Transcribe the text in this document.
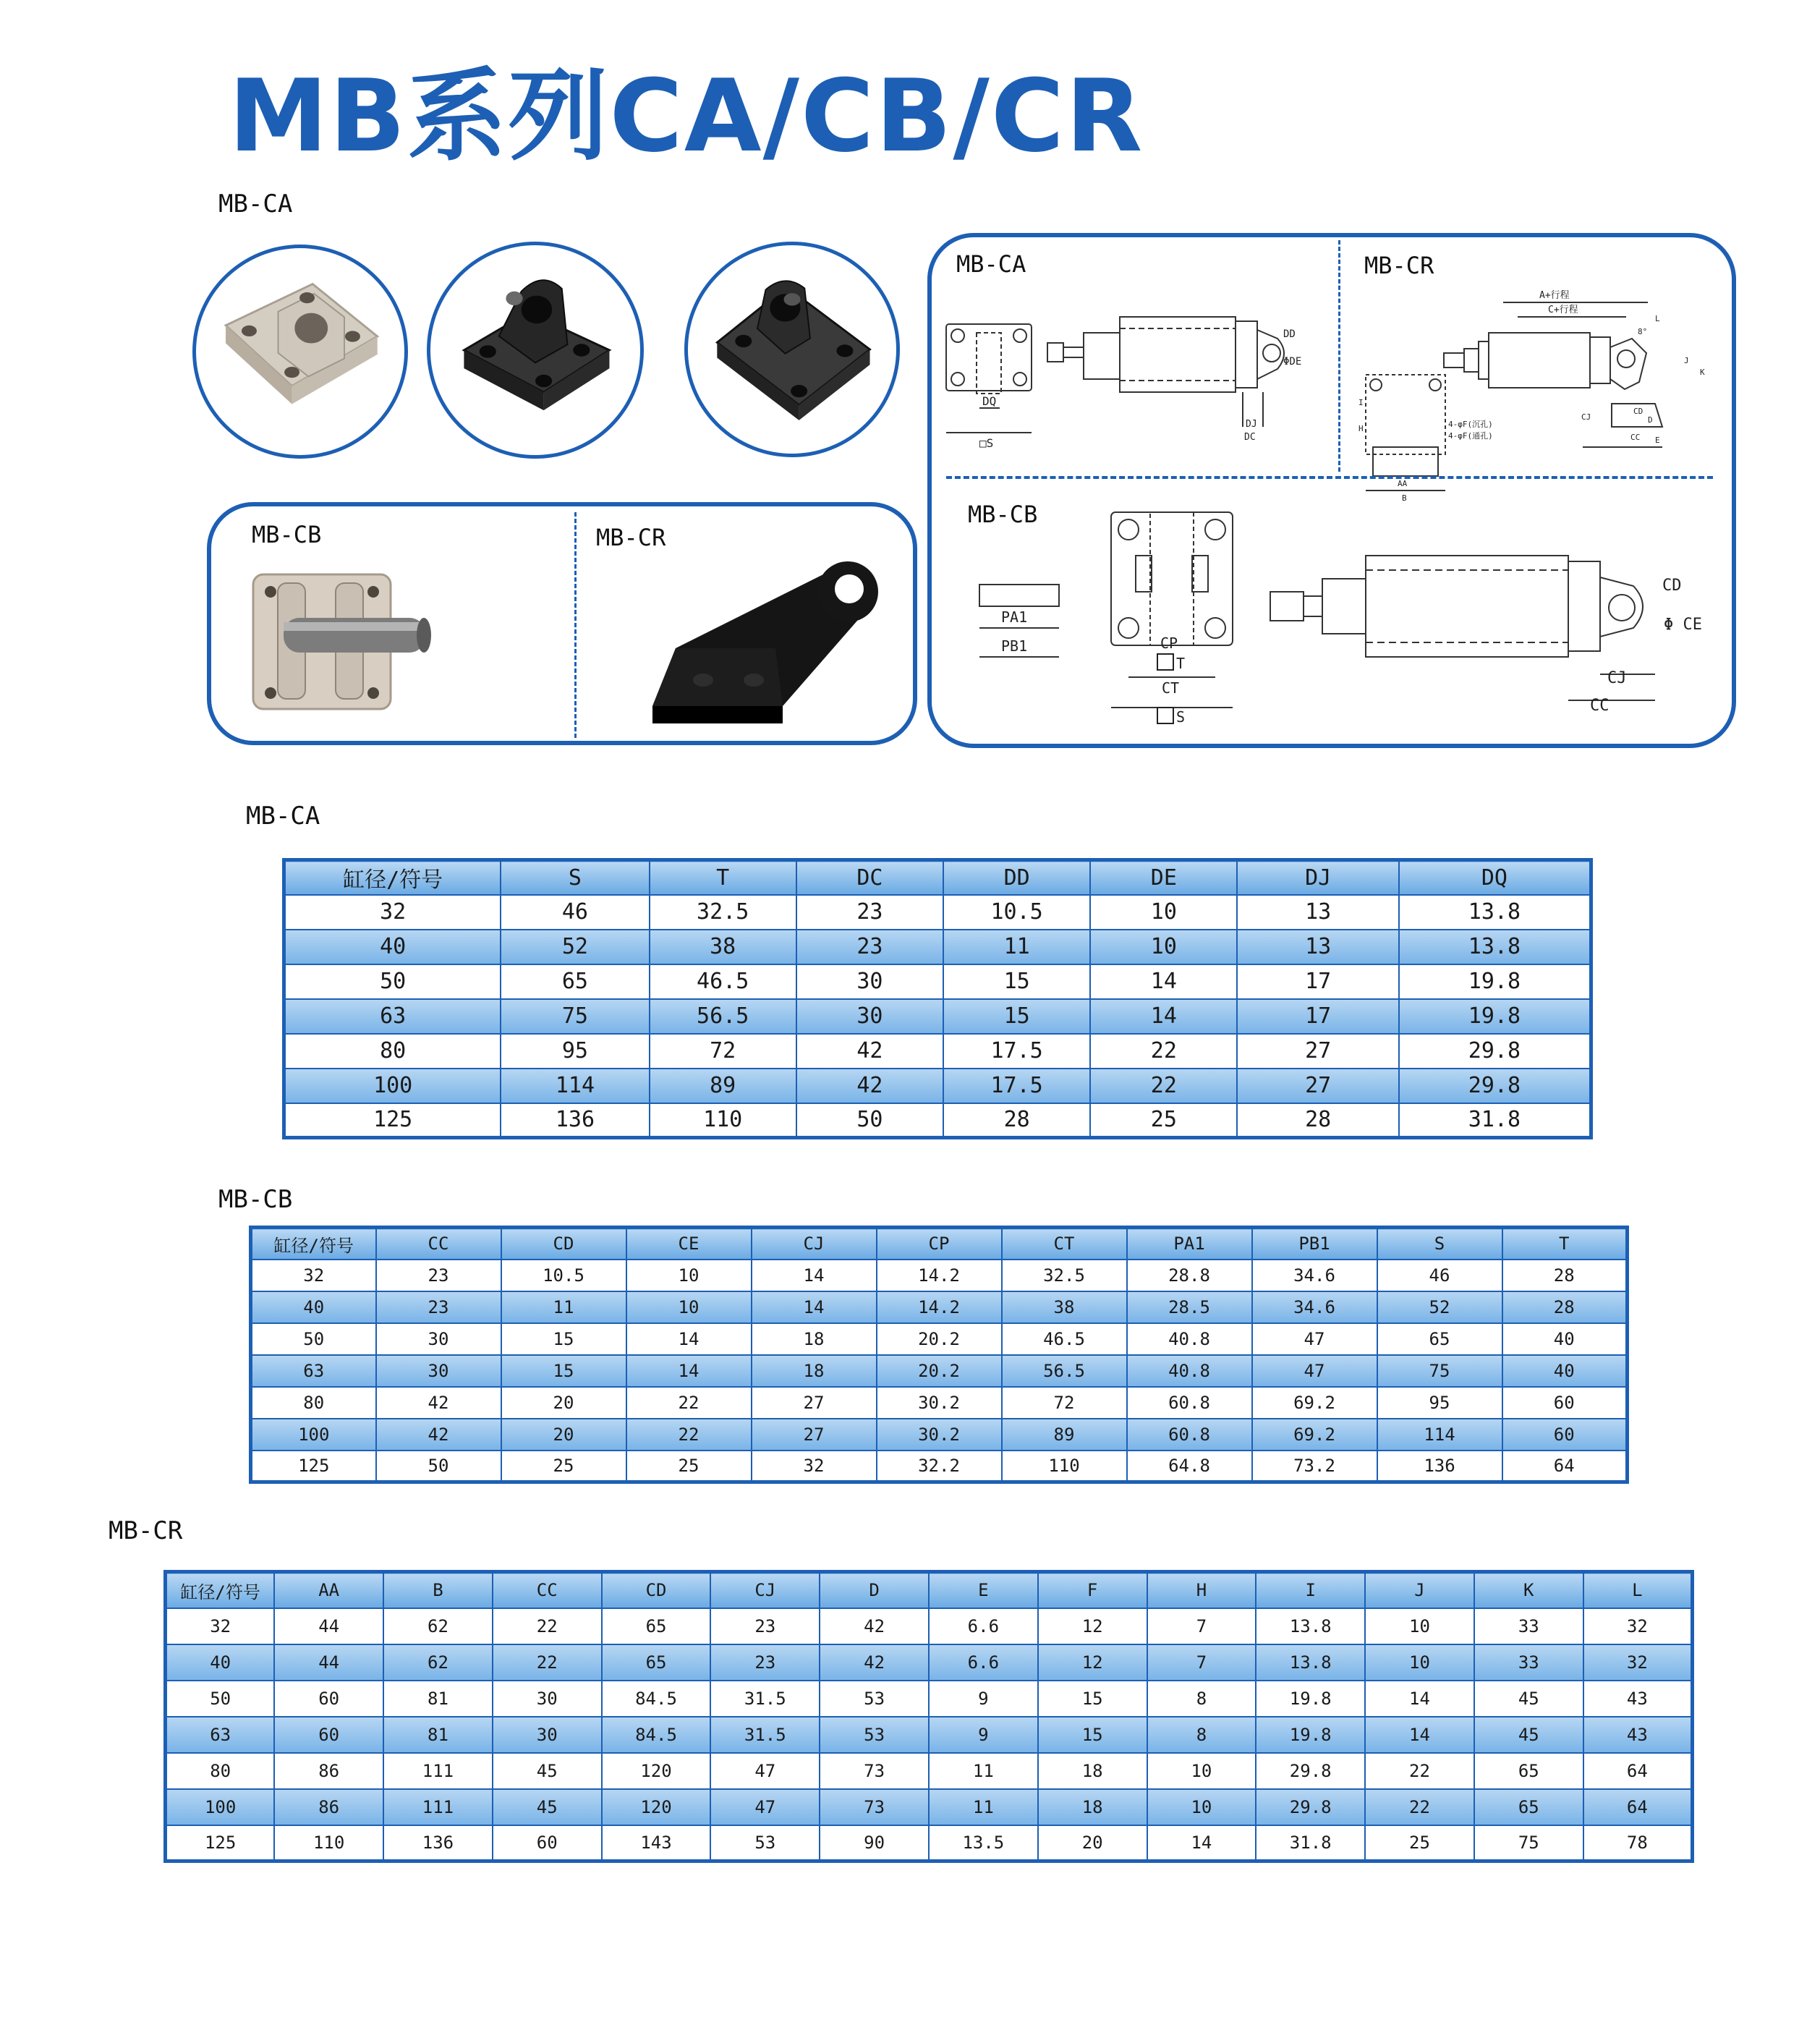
MB系列CA/CB/CR
MB-CA
MB-CB	MB-CR
DQ
□S
DD
ΦDE
DJ
DC
A+行程
C+行程
4-φF(沉孔)
4-φF(通孔)
AA
B
CJ
CD
D
CC E
L
K
J
I
H
8°
PA1
PB1	CP
T
CT
S
CD
Φ CE
CJ
CC
MB-CA	MB-CR
MB-CB
MB-CA
MB-CB
MB-CR
缸径/符号	S	T	DC	DD	DE	DJ	DQ
32	46	32.5	23	10.5	10	13	13.8
40	52	38	23	11	10	13	13.8
50	65	46.5	30	15	14	17	19.8
63	75	56.5	30	15	14	17	19.8
80	95	72	42	17.5	22	27	29.8
100	114	89	42	17.5	22	27	29.8
125	136	110	50	28	25	28	31.8
缸径/符号	CC	CD	CE	CJ	CP	CT	PA1	PB1	S	T
32	23	10.5	10	14	14.2	32.5	28.8	34.6	46	28
40	23	11	10	14	14.2	38	28.5	34.6	52	28
50	30	15	14	18	20.2	46.5	40.8	47	65	40
63	30	15	14	18	20.2	56.5	40.8	47	75	40
80	42	20	22	27	30.2	72	60.8	69.2	95	60
100	42	20	22	27	30.2	89	60.8	69.2	114	60
125	50	25	25	32	32.2	110	64.8	73.2	136	64
缸径/符号	AA	B	CC	CD	CJ	D	E	F	H	I	J	K	L
32	44	62	22	65	23	42	6.6	12	7	13.8	10	33	32
40	44	62	22	65	23	42	6.6	12	7	13.8	10	33	32
50	60	81	30	84.5	31.5	53	9	15	8	19.8	14	45	43
63	60	81	30	84.5	31.5	53	9	15	8	19.8	14	45	43
80	86	111	45	120	47	73	11	18	10	29.8	22	65	64
100	86	111	45	120	47	73	11	18	10	29.8	22	65	64
125	110	136	60	143	53	90	13.5	20	14	31.8	25	75	78
